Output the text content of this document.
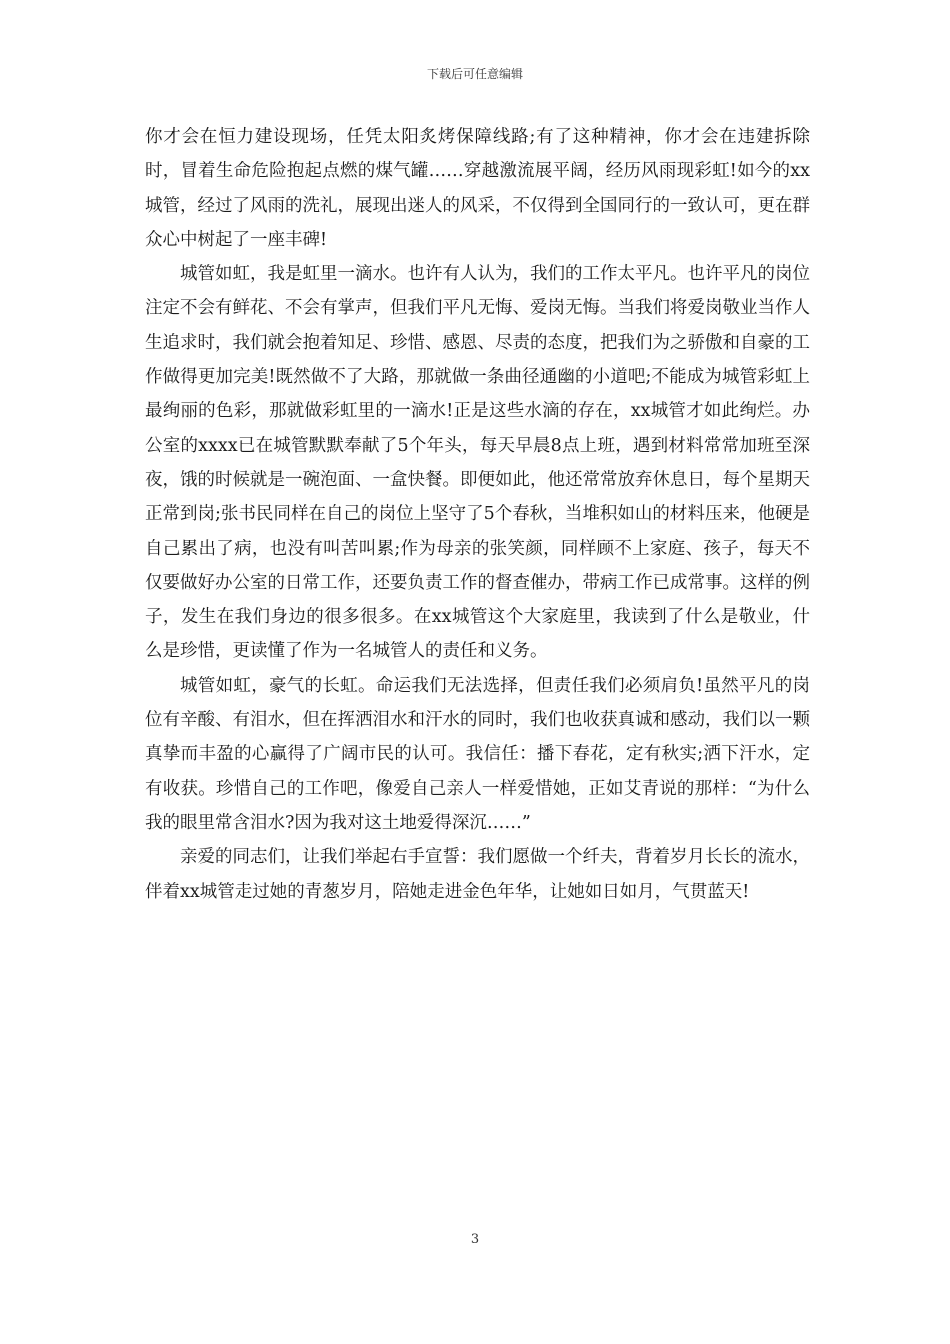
下载后可任意编辑

你才会在恒力建设现场，任凭太阳炙烤保障线路;有了这种精神，你才会在违建拆除时，冒着生命危险抱起点燃的煤气罐……穿越激流展平阔，经历风雨现彩虹!如今的xx城管，经过了风雨的洗礼，展现出迷人的风采，不仅得到全国同行的一致认可，更在群众心中树起了一座丰碑!

城管如虹，我是虹里一滴水。也许有人认为，我们的工作太平凡。也许平凡的岗位注定不会有鲜花、不会有掌声，但我们平凡无悔、爱岗无悔。当我们将爱岗敬业当作人生追求时，我们就会抱着知足、珍惜、感恩、尽责的态度，把我们为之骄傲和自豪的工作做得更加完美!既然做不了大路，那就做一条曲径通幽的小道吧;不能成为城管彩虹上最绚丽的色彩，那就做彩虹里的一滴水!正是这些水滴的存在，xx城管才如此绚烂。办公室的xxxx已在城管默默奉献了5个年头，每天早晨8点上班，遇到材料常常加班至深夜，饿的时候就是一碗泡面、一盒快餐。即便如此，他还常常放弃休息日，每个星期天正常到岗;张书民同样在自己的岗位上坚守了5个春秋，当堆积如山的材料压来，他硬是自己累出了病，也没有叫苦叫累;作为母亲的张笑颜，同样顾不上家庭、孩子，每天不仅要做好办公室的日常工作，还要负责工作的督查催办，带病工作已成常事。这样的例子，发生在我们身边的很多很多。在xx城管这个大家庭里，我读到了什么是敬业，什么是珍惜，更读懂了作为一名城管人的责任和义务。

城管如虹，豪气的长虹。命运我们无法选择，但责任我们必须肩负!虽然平凡的岗位有辛酸、有泪水，但在挥洒泪水和汗水的同时，我们也收获真诚和感动，我们以一颗真挚而丰盈的心赢得了广阔市民的认可。我信任：播下春花，定有秋实;洒下汗水，定有收获。珍惜自己的工作吧，像爱自己亲人一样爱惜她，正如艾青说的那样：“为什么我的眼里常含泪水?因为我对这土地爱得深沉……”

亲爱的同志们，让我们举起右手宣誓：我们愿做一个纤夫，背着岁月长长的流水，伴着xx城管走过她的青葱岁月，陪她走进金色年华，让她如日如月，气贯蓝天!

3
